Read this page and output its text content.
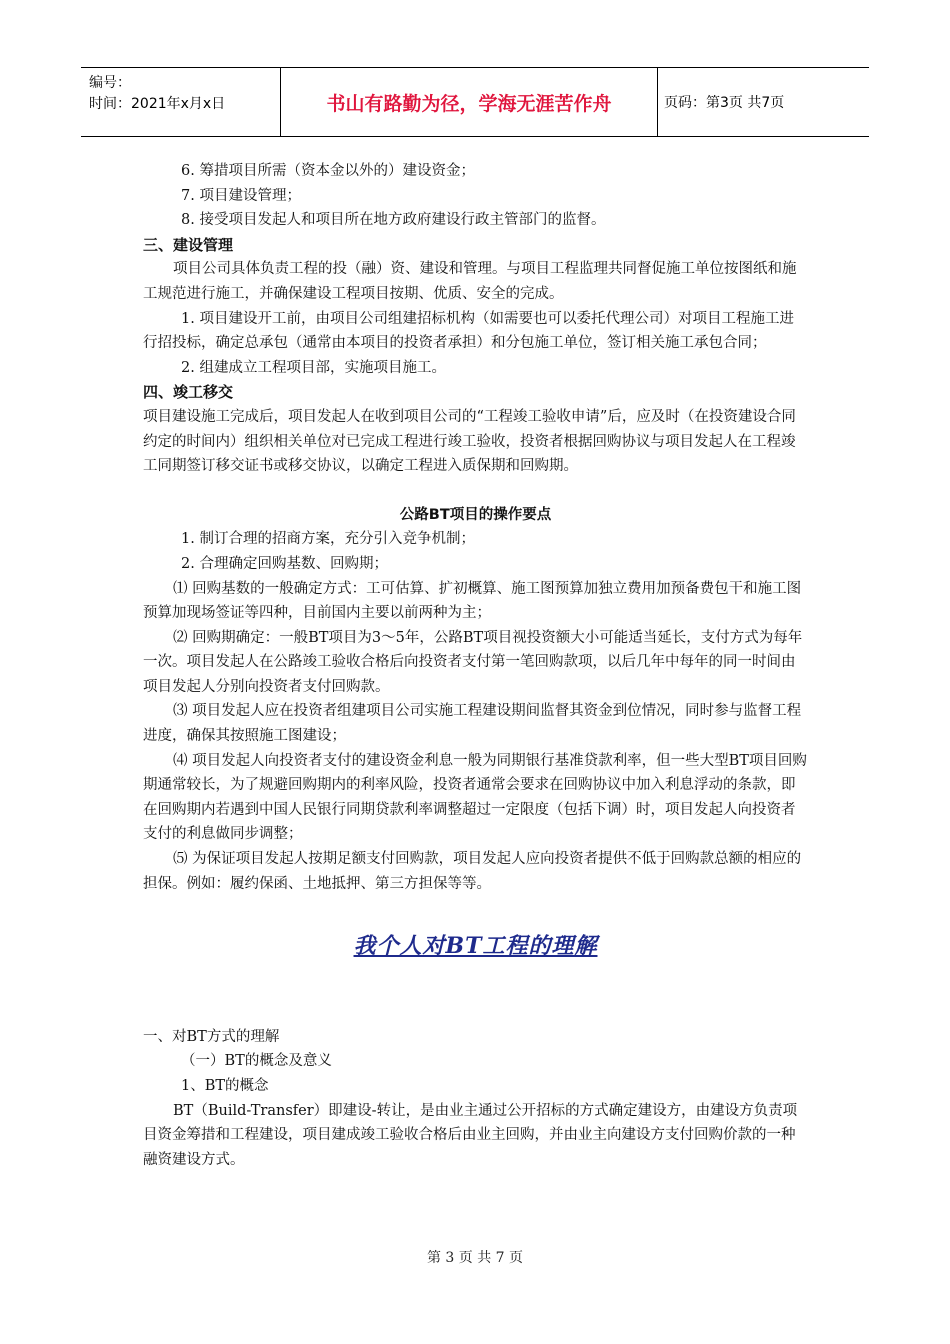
编号：
时间：2021年x月x日	书山有路勤为径，学海无涯苦作舟	页码：第3页 共7页

6. 筹措项目所需（资本金以外的）建设资金；

7. 项目建设管理；

8. 接受项目发起人和项目所在地方政府建设行政主管部门的监督。

三、建设管理

项目公司具体负责工程的投（融）资、建设和管理。与项目工程监理共同督促施工单位按图纸和施工规范进行施工，并确保建设工程项目按期、优质、安全的完成。

1. 项目建设开工前，由项目公司组建招标机构（如需要也可以委托代理公司）对项目工程施工进行招投标，确定总承包（通常由本项目的投资者承担）和分包施工单位，签订相关施工承包合同；

2. 组建成立工程项目部，实施项目施工。

四、竣工移交

项目建设施工完成后，项目发起人在收到项目公司的“工程竣工验收申请”后，应及时（在投资建设合同约定的时间内）组织相关单位对已完成工程进行竣工验收，投资者根据回购协议与项目发起人在工程竣工同期签订移交证书或移交协议，以确定工程进入质保期和回购期。

公路BT项目的操作要点

1. 制订合理的招商方案，充分引入竞争机制；

2. 合理确定回购基数、回购期；

⑴ 回购基数的一般确定方式：工可估算、扩初概算、施工图预算加独立费用加预备费包干和施工图预算加现场签证等四种，目前国内主要以前两种为主；

⑵ 回购期确定：一般BT项目为3～5年，公路BT项目视投资额大小可能适当延长，支付方式为每年一次。项目发起人在公路竣工验收合格后向投资者支付第一笔回购款项，以后几年中每年的同一时间由项目发起人分别向投资者支付回购款。

⑶ 项目发起人应在投资者组建项目公司实施工程建设期间监督其资金到位情况，同时参与监督工程进度，确保其按照施工图建设；

⑷ 项目发起人向投资者支付的建设资金利息一般为同期银行基准贷款利率，但一些大型BT项目回购期通常较长，为了规避回购期内的利率风险，投资者通常会要求在回购协议中加入利息浮动的条款，即在回购期内若遇到中国人民银行同期贷款利率调整超过一定限度（包括下调）时，项目发起人向投资者支付的利息做同步调整；

⑸ 为保证项目发起人按期足额支付回购款，项目发起人应向投资者提供不低于回购款总额的相应的担保。例如：履约保函、土地抵押、第三方担保等等。

我个人对BT工程的理解

一、对BT方式的理解

（一）BT的概念及意义

1、BT的概念

BT（Build-Transfer）即建设-转让，是由业主通过公开招标的方式确定建设方，由建设方负责项目资金筹措和工程建设，项目建成竣工验收合格后由业主回购，并由业主向建设方支付回购价款的一种融资建设方式。

第 3 页 共 7 页
